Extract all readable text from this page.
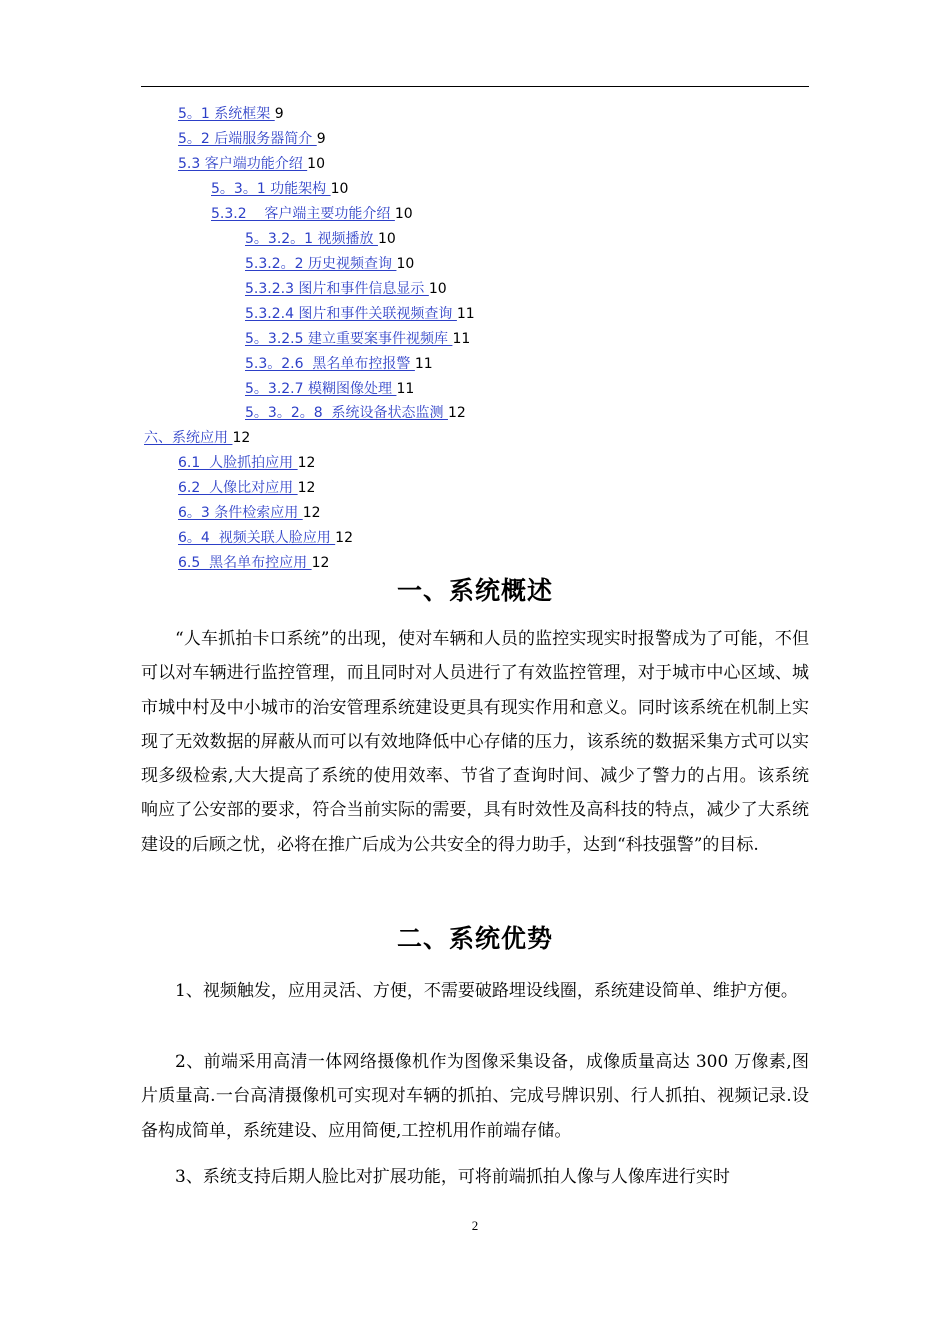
5。1 系统框架 9
5。2 后端服务器简介 9
5.3 客户端功能介绍 10
5。3。1 功能架构 10
5.3.2    客户端主要功能介绍 10
5。3.2。1 视频播放 10
5.3.2。2 历史视频查询 10
5.3.2.3 图片和事件信息显示 10
5.3.2.4 图片和事件关联视频查询 11
5。3.2.5 建立重要案事件视频库 11
5.3。2.6  黑名单布控报警 11
5。3.2.7 模糊图像处理 11
5。3。2。8  系统设备状态监测 12
六、系统应用 12
6.1  人脸抓拍应用 12
6.2  人像比对应用 12
6。3 条件检索应用 12
6。4  视频关联人脸应用 12
6.5  黑名单布控应用 12
一、系统概述
“人车抓拍卡口系统”的出现，使对车辆和人员的监控实现实时报警成为了可能，不但可以对车辆进行监控管理，而且同时对人员进行了有效监控管理，对于城市中心区域、城市城中村及中小城市的治安管理系统建设更具有现实作用和意义。同时该系统在机制上实现了无效数据的屏蔽从而可以有效地降低中心存储的压力，该系统的数据采集方式可以实现多级检索,大大提高了系统的使用效率、节省了查询时间、减少了警力的占用。该系统响应了公安部的要求，符合当前实际的需要，具有时效性及高科技的特点，减少了大系统建设的后顾之忧，必将在推广后成为公共安全的得力助手，达到“科技强警”的目标.
二、系统优势
1、视频触发，应用灵活、方便，不需要破路埋设线圈，系统建设简单、维护方便。
2、前端采用高清一体网络摄像机作为图像采集设备，成像质量高达 300 万像素,图片质量高.一台高清摄像机可实现对车辆的抓拍、完成号牌识别、行人抓拍、视频记录.设备构成简单，系统建设、应用简便,工控机用作前端存储。
3、系统支持后期人脸比对扩展功能，可将前端抓拍人像与人像库进行实时
2
